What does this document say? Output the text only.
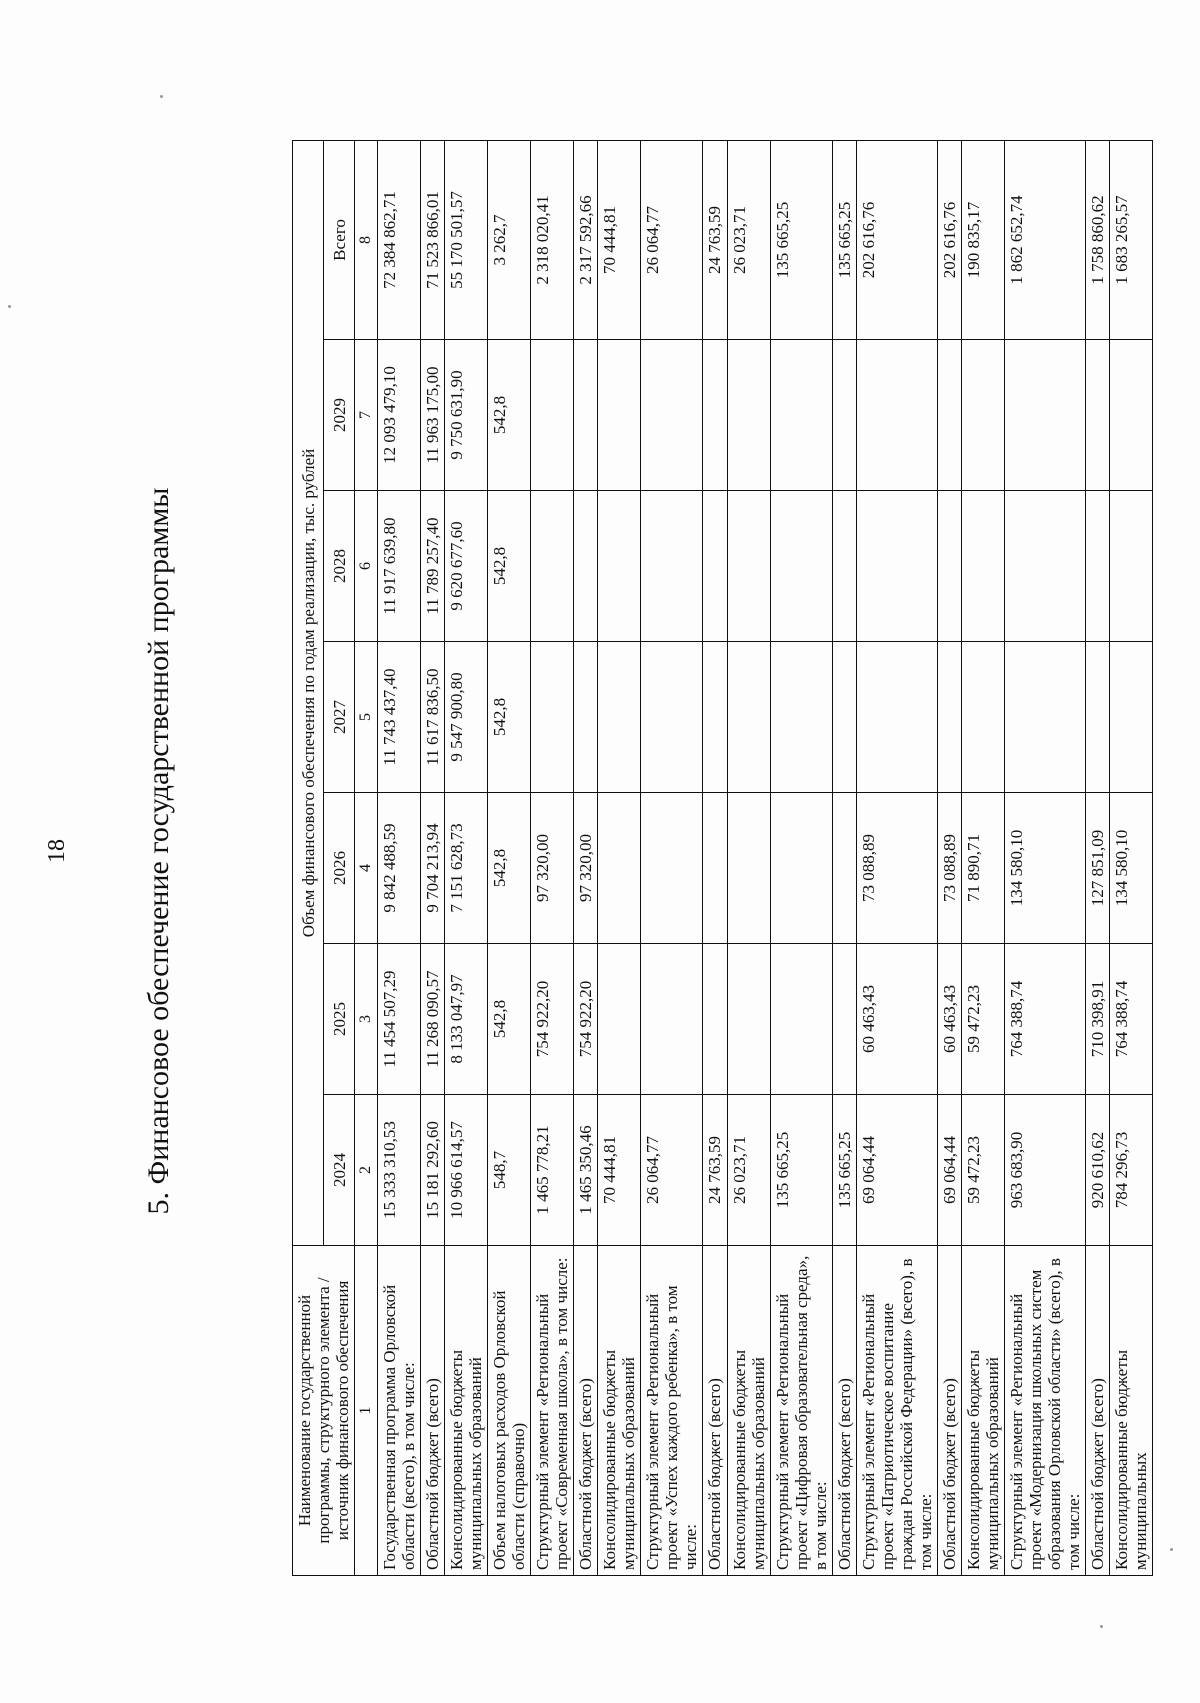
18 5. Финансовое обеспечение государственной программы
Наименование государственной программы, структурного элемента / источник финансового обеспечения	Объем финансового обеспечения по годам реализации, тыс. рублей						
	2024	2025	2026	2027	2028	2029	Всего
1	2	3	4	5	6	7	8
Государственная программа Орловской области (всего), в том числе:	15 333 310,53	11 454 507,29	9 842 488,59	11 743 437,40	11 917 639,80	12 093 479,10	72 384 862,71
Областной бюджет (всего)	15 181 292,60	11 268 090,57	9 704 213,94	11 617 836,50	11 789 257,40	11 963 175,00	71 523 866,01
Консолидированные бюджеты муниципальных образований	10 966 614,57	8 133 047,97	7 151 628,73	9 547 900,80	9 620 677,60	9 750 631,90	55 170 501,57
Объем налоговых расходов Орловской области (справочно)	548,7	542,8	542,8	542,8	542,8	542,8	3 262,7
Структурный элемент «Региональный проект «Современная школа», в том числе:	1 465 778,21	754 922,20	97 320,00				2 318 020,41
Областной бюджет (всего)	1 465 350,46	754 922,20	97 320,00				2 317 592,66
Консолидированные бюджеты муниципальных образований	70 444,81						70 444,81
Структурный элемент «Региональный проект «Успех каждого ребенка», в том числе:	26 064,77						26 064,77
Областной бюджет (всего)	24 763,59						24 763,59
Консолидированные бюджеты муниципальных образований	26 023,71						26 023,71
Структурный элемент «Региональный проект «Цифровая образовательная среда», в том числе:	135 665,25						135 665,25
Областной бюджет (всего)	135 665,25						135 665,25
Структурный элемент «Региональный проект «Патриотическое воспитание граждан Российской Федерации» (всего), в том числе:	69 064,44	60 463,43	73 088,89				202 616,76
Областной бюджет (всего)	69 064,44	60 463,43	73 088,89				202 616,76
Консолидированные бюджеты муниципальных образований	59 472,23	59 472,23	71 890,71				190 835,17
Структурный элемент «Региональный проект «Модернизация школьных систем образования Орловской области» (всего), в том числе:	963 683,90	764 388,74	134 580,10				1 862 652,74
Областной бюджет (всего)	920 610,62	710 398,91	127 851,09				1 758 860,62
Консолидированные бюджеты муниципальных	784 296,73	764 388,74	134 580,10				1 683 265,57
